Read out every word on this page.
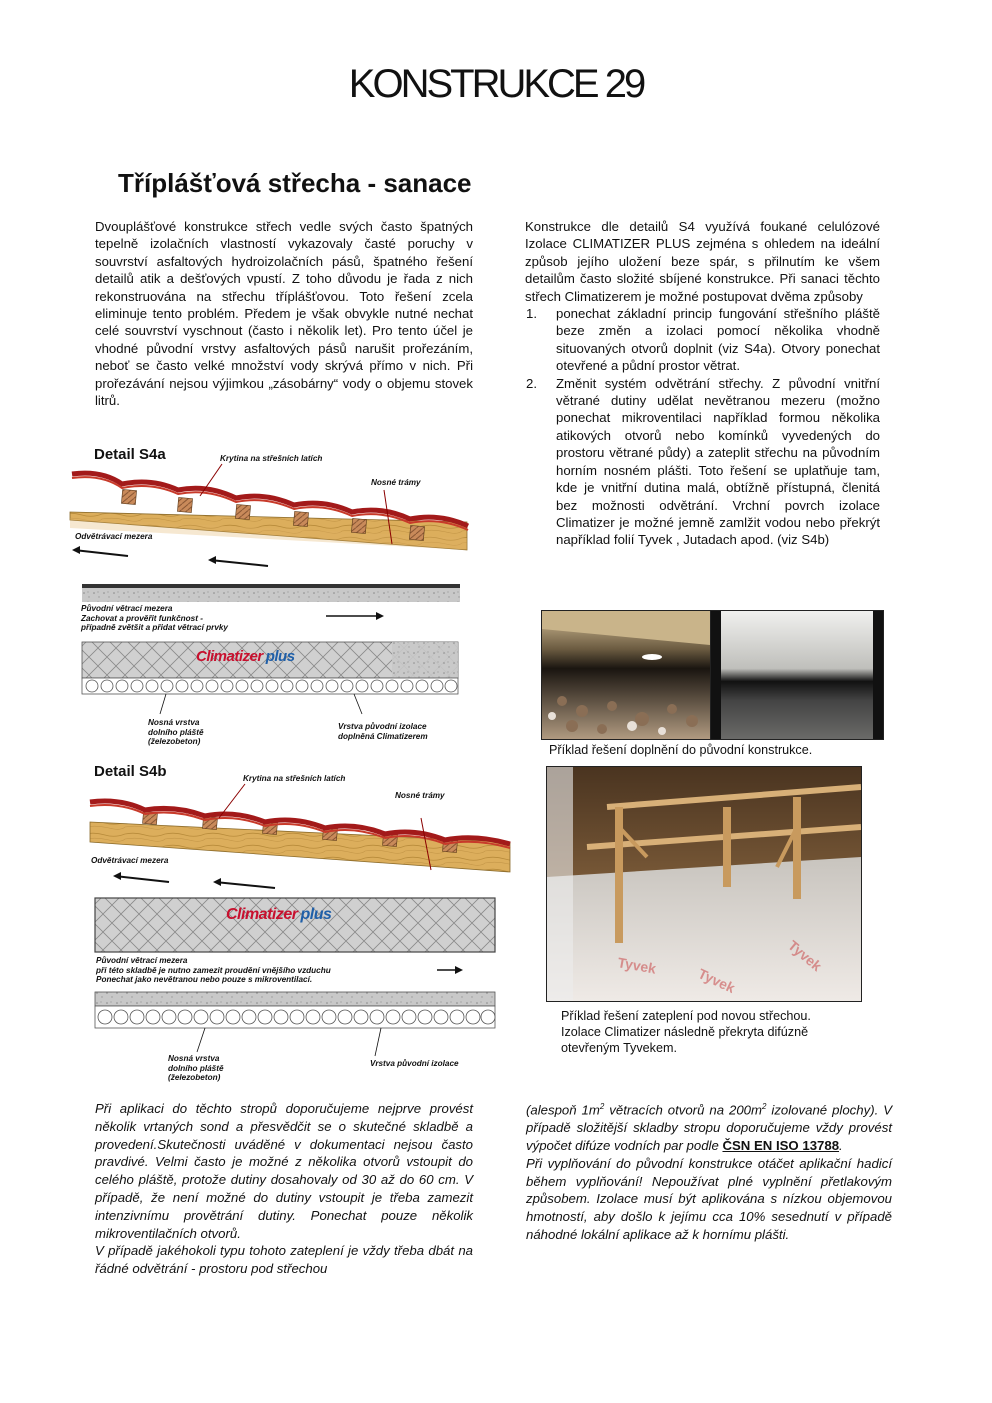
KONSTRUKCE 29
Tříplášťová střecha - sanace

Dvouplášťové konstrukce střech vedle svých často špatných tepelně izolačních vlastností vykazovaly časté poruchy v souvrství asfaltových hydroizolačních pásů, špatného řešení detailů atik a dešťových vpustí. Z toho důvodu je řada z nich rekonstruována na střechu tříplášťovou. Toto řešení zcela eliminuje tento problém. Předem je však obvykle nutné nechat celé souvrství vyschnout (často i několik let). Pro tento účel je vhodné původní vrstvy asfaltových pásů narušit prořezáním, neboť se často velké množství vody skrývá přímo v nich. Při prořezávání nejsou výjimkou „zásobárny“ vody o objemu stovek litrů.

Konstrukce dle detailů S4 využívá foukané celulózové Izolace CLIMATIZER PLUS zejména s ohledem na ideální způsob jejího uložení beze spár, s přilnutím ke všem detailům často složité sbíjené konstrukce. Při sanaci těchto střech Climatizerem je možné postupovat dvěma způsoby

1. ponechat základní princip fungování střešního pláště beze změn a izolaci pomocí několika vhodně situovaných otvorů doplnit (viz S4a). Otvory ponechat otevřené a půdní prostor větrat.
2. Změnit systém odvětrání střechy. Z původní vnitřní větrané dutiny udělat nevětranou mezeru (možno ponechat mikroventilaci například formou několika atikových otvorů nebo komínků vyvedených do prostoru větrané půdy) a zateplit střechu na původním horním nosném plášti. Toto řešení se uplatňuje tam, kde je vnitřní dutina malá, obtížně přístupná, členitá bez možnosti odvětrání. Vrchní povrch izolace Climatizer je možné jemně zamlžit vodou nebo překrýt například folií Tyvek , Jutadach apod. (viz S4b)
Detail S4a	Krytina na střešních latích
Nosné trámy
Odvětrávací mezera
Původní větrací mezera
Zachovat a prověřit funkčnost -
případně zvětšit a přidat větrací prvky
Climatizer plus
Nosná vrstva
dolního pláště
(železobeton)
Vrstva původní izolace
doplněná Climatizerem
Detail S4b	Krytina na střešních latích
Nosné trámy
Odvětrávací mezera
Climatizer plus
Původní větrací mezera
při této skladbě je nutno zamezit proudění vnějšího vzduchu
Ponechat jako nevětranou nebo pouze s mikroventilací.
Nosná vrstva
dolního pláště
(železobeton)
Vrstva původní izolace
Příklad řešení doplnění do původní konstrukce.
Tyvek
Tyvek	Tyvek
Příklad řešení zateplení pod novou střechou.
Izolace Climatizer následně překryta difúzně
otevřeným Tyvekem.

Při aplikaci do těchto stropů doporučujeme nejprve provést několik vrtaných sond a přesvědčit se o skutečné skladbě a provedení.Skutečnosti uváděné v dokumentaci nejsou často pravdivé. Velmi často je možné z několika otvorů vstoupit do celého pláště, protože dutiny dosahovaly od 30 až do 60 cm. V případě, že není možné do dutiny vstoupit je třeba zamezit intenzivnímu provětrání dutiny. Ponechat pouze několik mikroventilačních otvorů.

V případě jakéhokoli typu tohoto zateplení je vždy třeba dbát na řádné odvětrání - prostoru pod střechou

(alespoň $1m^2$ větracích otvorů na $200m^2$ izolované plochy). V případě složitější skladby stropu doporučujeme vždy provést výpočet difúze vodních par podle ČSN EN ISO 13788.

Při vyplňování do původní konstrukce otáčet aplikační hadicí během vyplňování! Nepoužívat plné vyplnění přetlakovým způsobem. Izolace musí být aplikována s nízkou objemovou hmotností, aby došlo k jejímu cca 10% sesednutí v případě náhodné lokální aplikace až k hornímu plášti.
